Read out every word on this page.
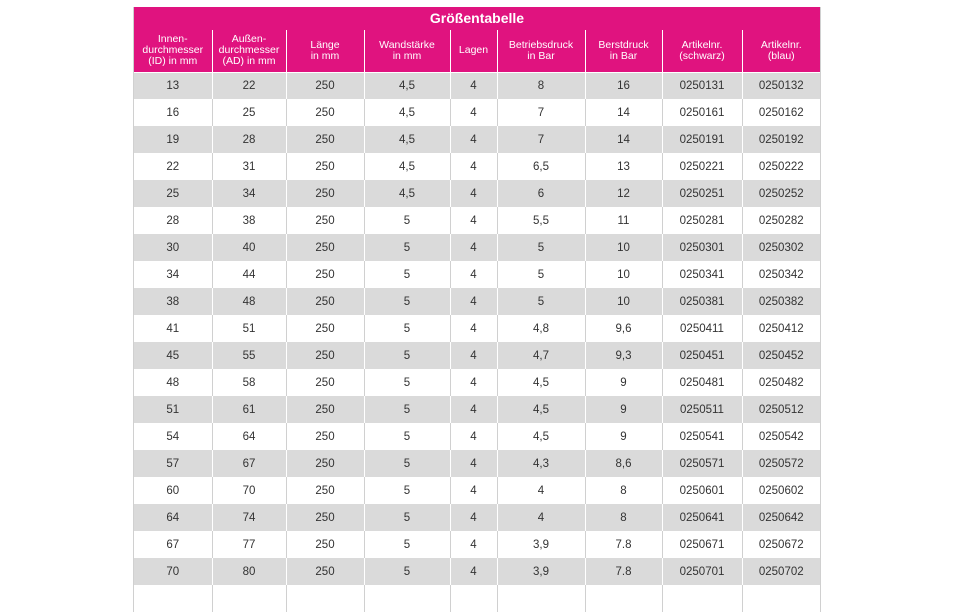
Größentabelle
Innen-
durchmesser
(ID) in mm	Außen-
durchmesser
(AD) in mm	Länge
in mm	Wandstärke
in mm	Lagen	Betriebsdruck
in Bar	Berstdruck
in Bar	Artikelnr.
(schwarz)	Artikelnr.
(blau)

13	22	250	4,5	4	8	16	0250131	0250132
16	25	250	4,5	4	7	14	0250161	0250162
19	28	250	4,5	4	7	14	0250191	0250192
22	31	250	4,5	4	6,5	13	0250221	0250222
25	34	250	4,5	4	6	12	0250251	0250252
28	38	250	5	4	5,5	11	0250281	0250282
30	40	250	5	4	5	10	0250301	0250302
34	44	250	5	4	5	10	0250341	0250342
38	48	250	5	4	5	10	0250381	0250382
41	51	250	5	4	4,8	9,6	0250411	0250412
45	55	250	5	4	4,7	9,3	0250451	0250452
48	58	250	5	4	4,5	9	0250481	0250482
51	61	250	5	4	4,5	9	0250511	0250512
54	64	250	5	4	4,5	9	0250541	0250542
57	67	250	5	4	4,3	8,6	0250571	0250572
60	70	250	5	4	4	8	0250601	0250602
64	74	250	5	4	4	8	0250641	0250642
67	77	250	5	4	3,9	7.8	0250671	0250672
70	80	250	5	4	3,9	7.8	0250701	0250702
